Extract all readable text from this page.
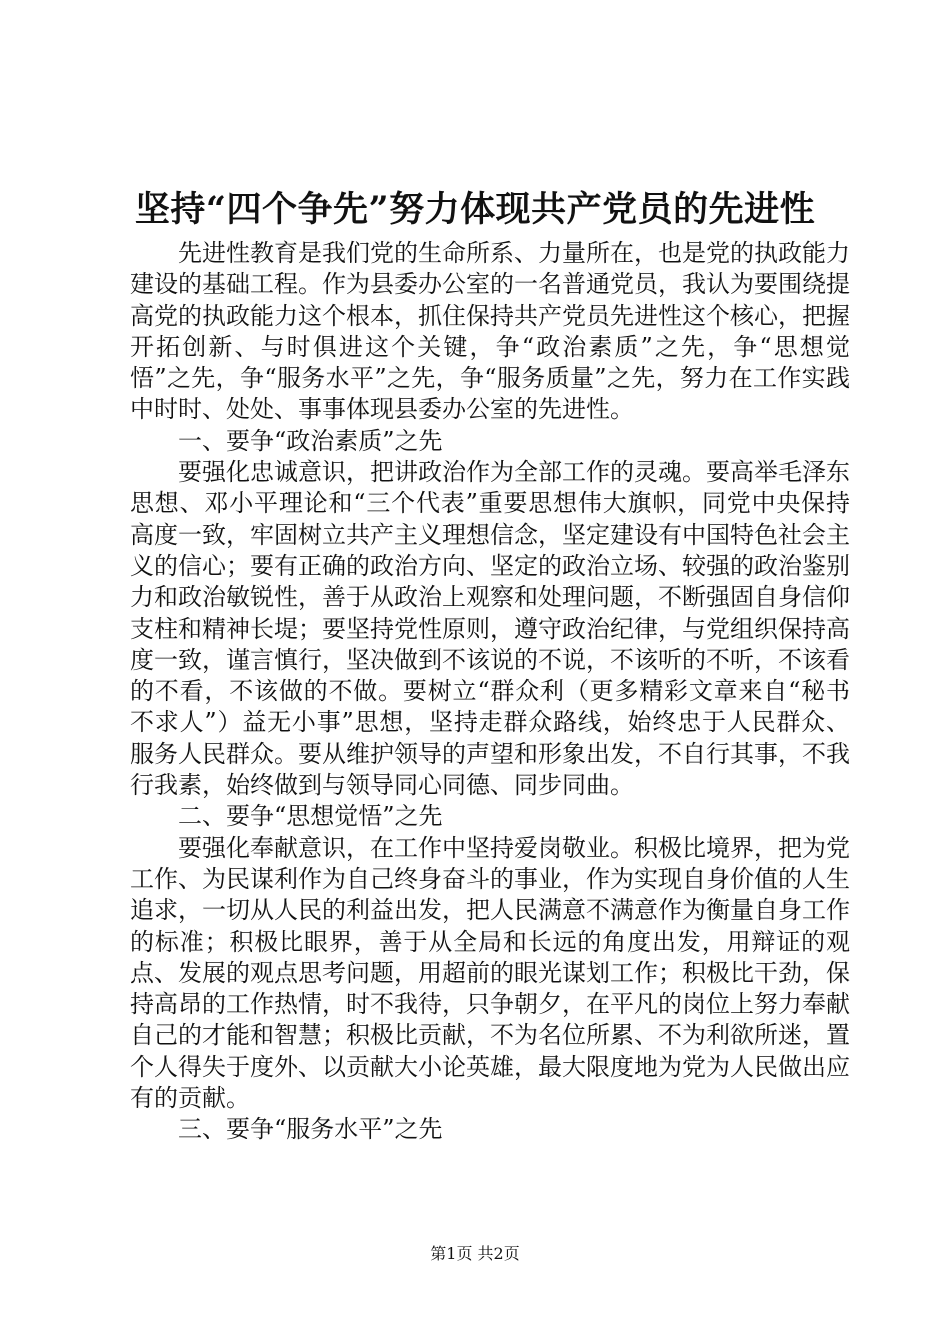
坚持“四个争先”努力体现共产党员的先进性

先进性教育是我们党的生命所系、力量所在，也是党的执政能力建设的基础工程。作为县委办公室的一名普通党员，我认为要围绕提高党的执政能力这个根本，抓住保持共产党员先进性这个核心，把握开拓创新、与时俱进这个关键，争“政治素质”之先，争“思想觉悟”之先，争“服务水平”之先，争“服务质量”之先，努力在工作实践中时时、处处、事事体现县委办公室的先进性。

一、要争“政治素质”之先

要强化忠诚意识，把讲政治作为全部工作的灵魂。要高举毛泽东思想、邓小平理论和“三个代表”重要思想伟大旗帜，同党中央保持高度一致，牢固树立共产主义理想信念，坚定建设有中国特色社会主义的信心；要有正确的政治方向、坚定的政治立场、较强的政治鉴别力和政治敏锐性，善于从政治上观察和处理问题，不断强固自身信仰支柱和精神长堤；要坚持党性原则，遵守政治纪律，与党组织保持高度一致，谨言慎行，坚决做到不该说的不说，不该听的不听，不该看的不看，不该做的不做。要树立“群众利（更多精彩文章来自“秘书不求人”）益无小事”思想，坚持走群众路线，始终忠于人民群众、服务人民群众。要从维护领导的声望和形象出发，不自行其事，不我行我素，始终做到与领导同心同德、同步同曲。

二、要争“思想觉悟”之先

要强化奉献意识，在工作中坚持爱岗敬业。积极比境界，把为党工作、为民谋利作为自己终身奋斗的事业，作为实现自身价值的人生追求，一切从人民的利益出发，把人民满意不满意作为衡量自身工作的标准；积极比眼界，善于从全局和长远的角度出发，用辩证的观点、发展的观点思考问题，用超前的眼光谋划工作；积极比干劲，保持高昂的工作热情，时不我待，只争朝夕，在平凡的岗位上努力奉献自己的才能和智慧；积极比贡献，不为名位所累、不为利欲所迷，置个人得失于度外、以贡献大小论英雄，最大限度地为党为人民做出应有的贡献。

三、要争“服务水平”之先

第1页 共2页
